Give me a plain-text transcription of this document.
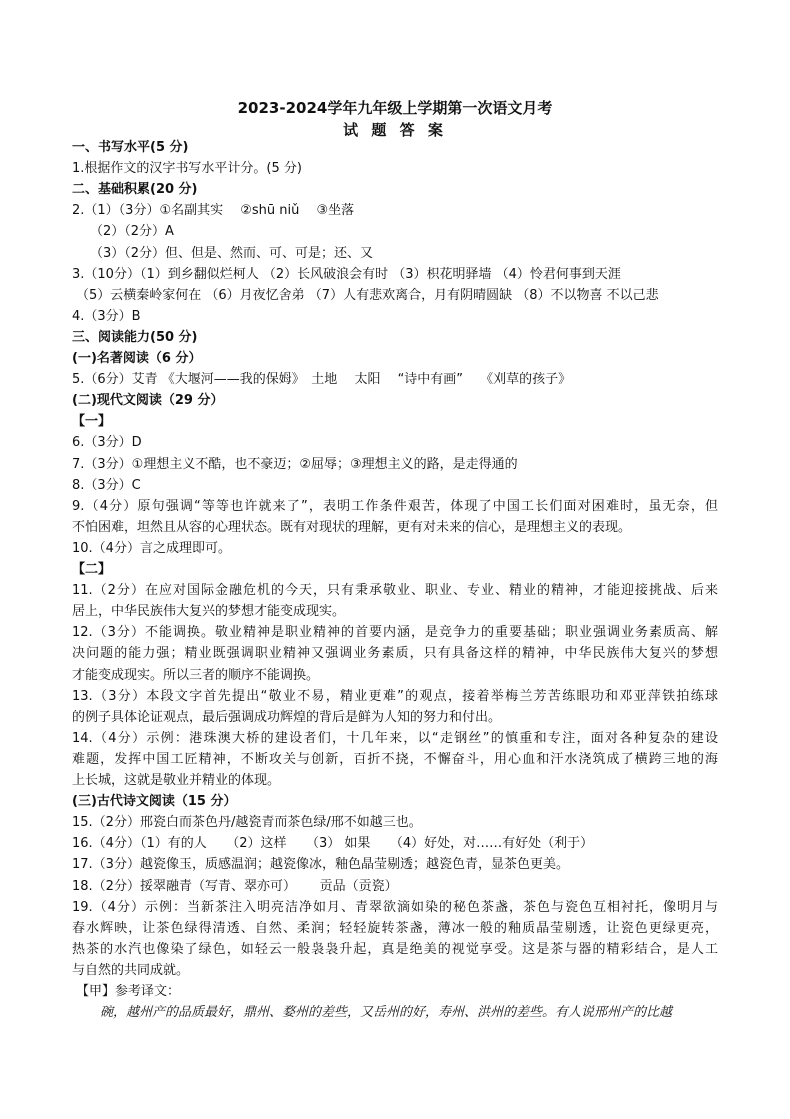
2023-2024学年九年级上学期第一次语文月考
试 题 答 案
一、书写水平(5 分)
1.根据作文的汉字书写水平计分。(5 分)
二、基础积累(20 分)
2.（1）（3分）①名副其实　 ②shū niǔ　 ③坐落
（2）（2分）A
（3）（2分）但、但是、然而、可、可是；还、又
3.（10分）（1）到乡翻似烂柯人 （2）长风破浪会有时 （3）枳花明驿墙 （4）怜君何事到天涯
（5）云横秦岭家何在 （6）月夜忆舍弟 （7）人有悲欢离合，月有阴晴圆缺 （8）不以物喜 不以己悲
4.（3分）B
三、阅读能力(50 分)
(一)名著阅读（6 分）
5.（6分）艾青 《大堰河——我的保姆》　土地　 太阳　 “诗中有画”　 《刈草的孩子》
(二)现代文阅读（29 分）
【一】
6.（3分）D
7.（3分）①理想主义不酷，也不豪迈；②屈辱；③理想主义的路，是走得通的
8.（3分）C
9.（4分）原句强调“等等也许就来了”，表明工作条件艰苦，体现了中国工长们面对困难时，虽无奈，但
不怕困难，坦然且从容的心理状态。既有对现状的理解，更有对未来的信心，是理想主义的表现。
10.（4分）言之成理即可。
【二】
11.（2分）在应对国际金融危机的今天，只有秉承敬业、职业、专业、精业的精神，才能迎接挑战、后来
居上，中华民族伟大复兴的梦想才能变成现实。
12.（3分）不能调换。敬业精神是职业精神的首要内涵，是竞争力的重要基础；职业强调业务素质高、解
决问题的能力强；精业既强调职业精神又强调业务素质，只有具备这样的精神，中华民族伟大复兴的梦想
才能变成现实。所以三者的顺序不能调换。
13.（3分）本段文字首先提出“敬业不易，精业更难”的观点，接着举梅兰芳苦练眼功和邓亚萍铁拍练球
的例子具体论证观点，最后强调成功辉煌的背后是鲜为人知的努力和付出。
14.（4分）示例：港珠澳大桥的建设者们，十几年来，以“走钢丝”的慎重和专注，面对各种复杂的建设
难题，发挥中国工匠精神，不断攻关与创新，百折不挠，不懈奋斗，用心血和汗水浇筑成了横跨三地的海
上长城，这就是敬业并精业的体现。
(三)古代诗文阅读（15 分）
15.（2分）邢瓷白而茶色丹/越瓷青而茶色绿/邢不如越三也。
16.（4分）（1）有的人　　（2）这样　　（3） 如果　　（4）好处，对……有好处（利于）
17.（3分）越瓷像玉，质感温润；越瓷像冰，釉色晶莹剔透；越瓷色青，显茶色更美。
18.（2分）挼翠融青（写青、翠亦可）　　 贡品（贡瓷）
19.（4分）示例：当新茶注入明亮洁净如月、青翠欲滴如染的秘色茶盏，茶色与瓷色互相衬托，像明月与
春水辉映，让茶色绿得清透、自然、柔润；轻轻旋转茶盏，薄冰一般的釉质晶莹剔透，让瓷色更绿更亮，
热茶的水汽也像染了绿色，如轻云一般袅袅升起，真是绝美的视觉享受。这是茶与器的精彩结合，是人工
与自然的共同成就。
【甲】参考译文：
碗，越州产的品质最好，鼎州、婺州的差些，又岳州的好，寿州、洪州的差些。有人说邢州产的比越
